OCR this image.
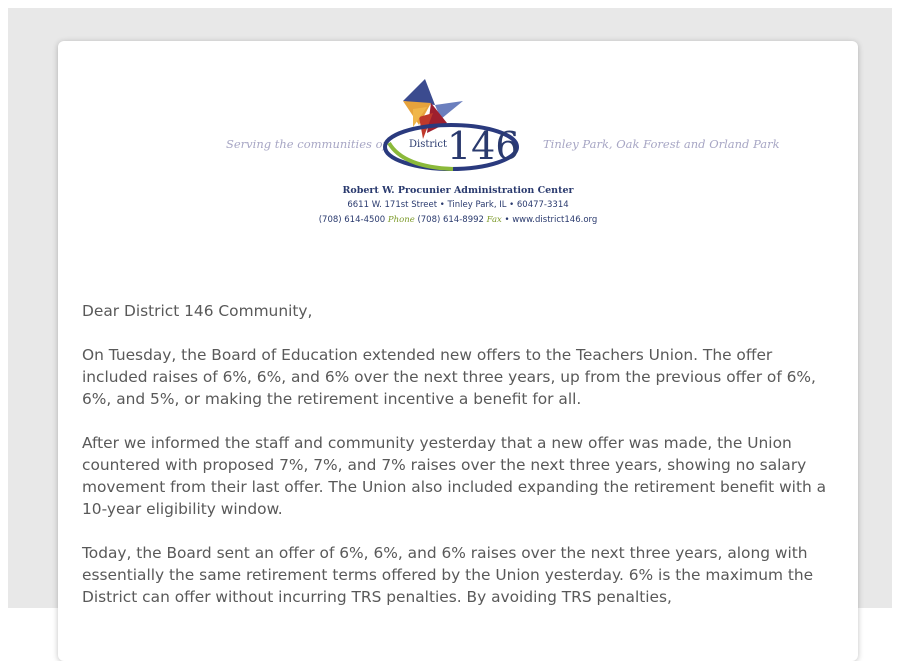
Serving the communities of District 146 Tinley Park, Oak Forest and Orland Park
Robert W. Procunier Administration Center
6611 W. 171st Street • Tinley Park, IL • 60477-3314
(708) 614-4500 Phone (708) 614-8992 Fax • www.district146.org

Dear District 146 Community,

On Tuesday, the Board of Education extended new offers to the Teachers Union. The offer included raises of 6%, 6%, and 6% over the next three years, up from the previous offer of 6%, 6%, and 5%, or making the retirement incentive a benefit for all.

After we informed the staff and community yesterday that a new offer was made, the Union countered with proposed 7%, 7%, and 7% raises over the next three years, showing no salary movement from their last offer. The Union also included expanding the retirement benefit with a 10-year eligibility window.

Today, the Board sent an offer of 6%, 6%, and 6% raises over the next three years, along with essentially the same retirement terms offered by the Union yesterday. 6% is the maximum the District can offer without incurring TRS penalties. By avoiding TRS penalties,
